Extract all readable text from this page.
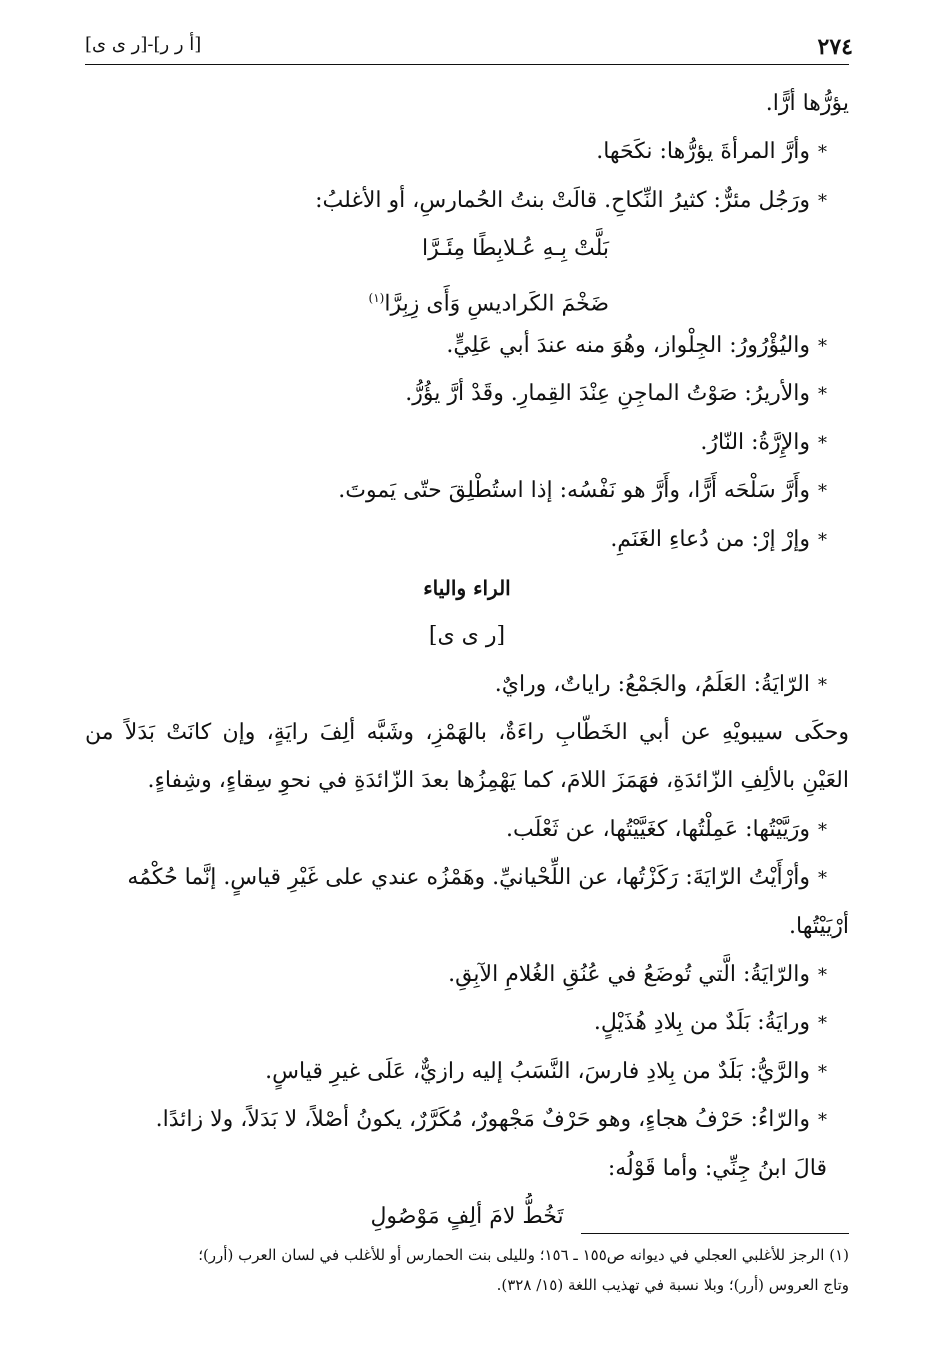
٢٧٤
[أ ر ر]-[ر ى ى]
يؤرُّها أرًّا.
*وأرَّ المرأةَ يؤرُّها: نكَحَها.
*ورَجُل مئرٌّ: كثيرُ النِّكاحِ. قالَتْ بنتُ الحُمارسِ، أو الأغلبُ:
بَلَّتْ بِـهِ عُـلابِطًا مِئَـرَّا
ضَخْمَ الكَراديسِ وَأَى زِبِرَّا$^{(١)}$
*واليُؤْرُورُ: الجِلْواز، وهُوَ منه عندَ أبي عَلِيٍّ.
*والأريرُ: صَوْتُ الماجِنِ عِنْدَ القِمارِ. وقَدْ أرَّ يؤُرُّ.
*والإِرَّةُ: النّارُ.
*وأَرَّ سَلْحَه أَرًّا، وأَرَّ هو نَفْسُه: إذا استُطْلِقَ حتّى يَموتَ.
*وإرْ إرْ: من دُعاءِ الغَنَمِ.
الراء والياء
[ر ى ى]
*الرّايَةُ: العَلَمُ، والجَمْعُ: راياتٌ، ورايٌ.
وحكَى سيبويْهِ عن أبي الخَطّابِ راءَةٌ، بالهَمْزِ، وشَبَّه ألِفَ رايَةٍ، وإن كانَتْ بَدَلاً من
العَيْنِ بالألِفِ الزّائدَةِ، فهَمَزَ اللامَ، كما يَهْمِزُها بعدَ الزّائدَةِ في نحوِ سِقاءٍ، وشِفاءٍ.
*ورَيَّيْتُها: عَمِلْتُها، كغَيَّيْتُها، عن ثَعْلَب.
*وأرْأَيْتُ الرّايَةَ: رَكَزْتُها، عن اللِّحْيانيِّ. وهَمْزُه عندي على غَيْرِ قياسٍ. إنَّما حُكْمُه
أرْيَيْتُها.
*والرّايَةُ: الَّتي تُوضَعُ في عُنُقِ الغُلامِ الآبِقِ.
*ورايَةُ: بَلَدٌ من بِلادِ هُذَيْلٍ.
*والرَّيُّ: بَلَدٌ من بِلادِ فارسَ، النَّسَبُ إليه رازيٌّ، عَلَى غيرِ قياسٍ.
*والرّاءُ: حَرْفُ هجاءٍ، وهو حَرْفٌ مَجْهورٌ، مُكَرَّرٌ، يكونُ أصْلاً، لا بَدَلاً، ولا زائدًا.
قالَ ابنُ جِنِّي: وأما قَوْلُه:
تَخُطُّ لامَ ألِفٍ مَوْصُولِ
(١) الرجز للأغلبي العجلي في ديوانه ص١٥٥ ـ ١٥٦؛ ولليلى بنت الحمارس أو للأغلب في لسان العرب (أرر)؛
وتاج العروس (أرر)؛ وبلا نسبة في تهذيب اللغة (١٥/ ٣٢٨).
